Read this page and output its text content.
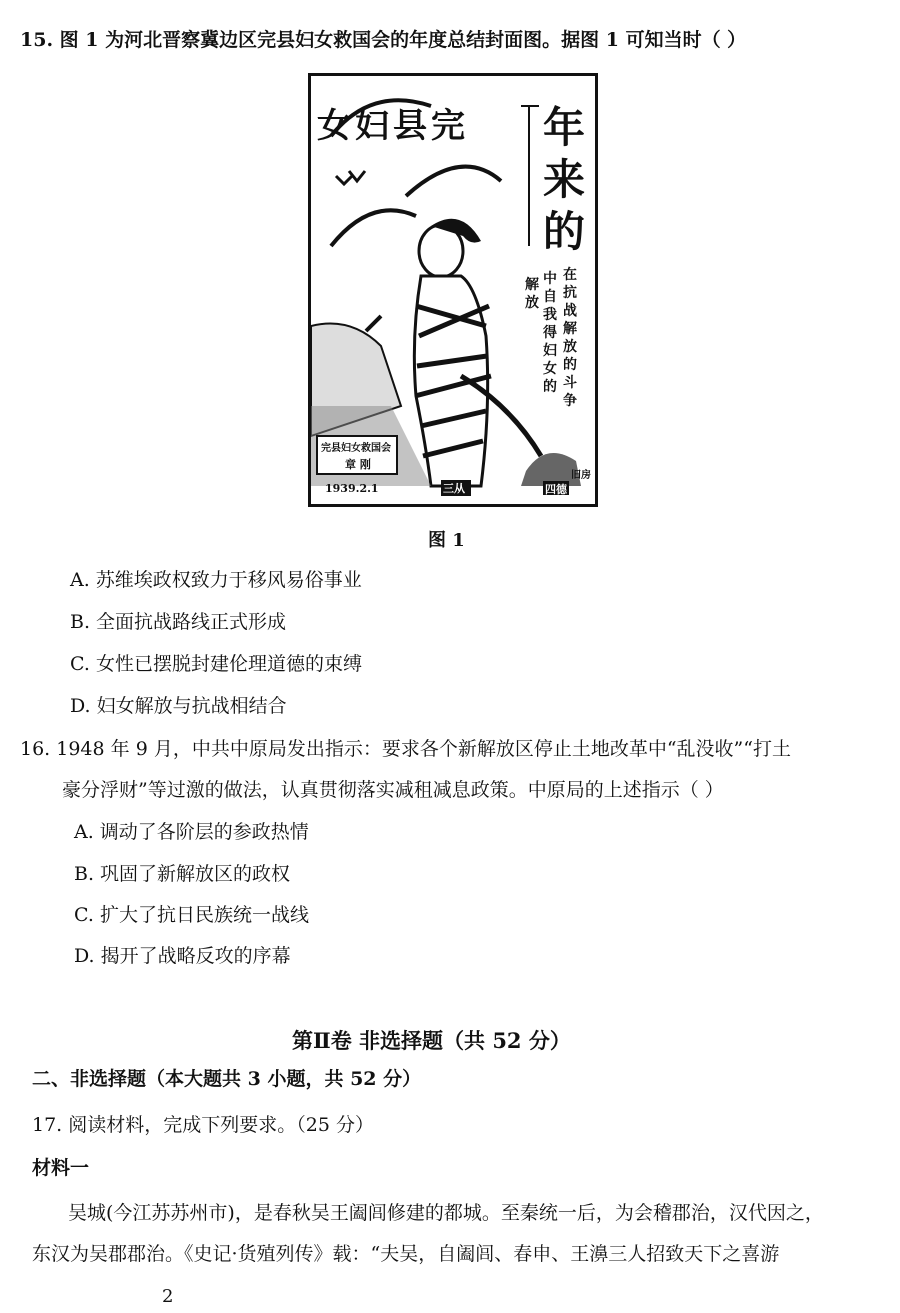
15. 图 1 为河北晋察冀边区完县妇女救国会的年度总结封面图。据图 1 可知当时（ ）
女妇县完 年来的
在抗战解放的斗争
中自我得妇女的
解放
完县妇女救国会
章 刚
1939.2.1	三从	四德
旧房
图 1
A. 苏维埃政权致力于移风易俗事业
B. 全面抗战路线正式形成
C. 女性已摆脱封建伦理道德的束缚
D. 妇女解放与抗战相结合
16. 1948 年 9 月，中共中原局发出指示：要求各个新解放区停止土地改革中“乱没收”“打土
豪分浮财”等过激的做法，认真贯彻落实减租减息政策。中原局的上述指示（ ）
A. 调动了各阶层的参政热情
B. 巩固了新解放区的政权
C. 扩大了抗日民族统一战线
D. 揭开了战略反攻的序幕
第Ⅱ卷 非选择题（共 52 分）
二、非选择题（本大题共 3 小题，共 52 分）
17. 阅读材料，完成下列要求。（25 分）
材料一
吴城(今江苏苏州市)，是春秋吴王阖闾修建的都城。至秦统一后，为会稽郡治，汉代因之，
东汉为吴郡郡治。《史记·货殖列传》载：“夫吴，自阖闾、春申、王濞三人招致天下之喜游
2
